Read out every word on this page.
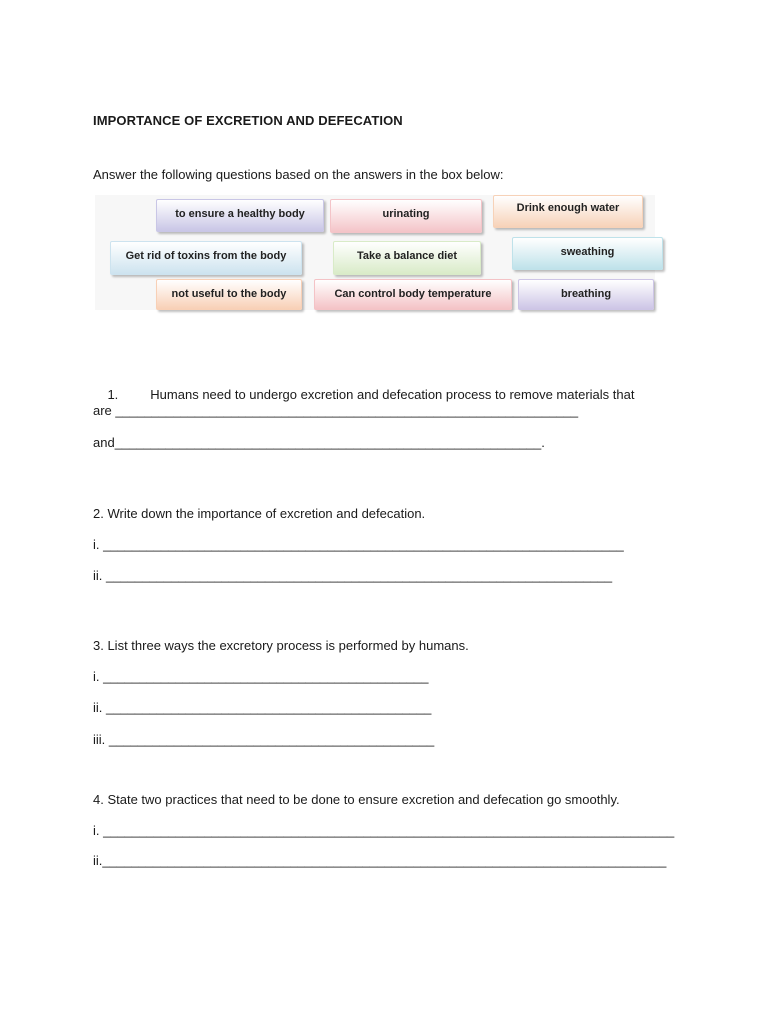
IMPORTANCE OF EXCRETION AND DEFECATION
Answer the following questions based on the answers in the box below:
to ensure a healthy body	urinating	Drink enough water
Get rid of toxins from the body	Take a balance diet	sweathing
not useful to the body	Can control body temperature	breathing

1. Humans need to undergo excretion and defecation process to remove materials that

are ________________________________________________________________
and___________________________________________________________.
2. Write down the importance of excretion and defecation.
i. ________________________________________________________________________
ii. ______________________________________________________________________
3. List three ways the excretory process is performed by humans.
i. _____________________________________________
ii. _____________________________________________
iii. _____________________________________________
4. State two practices that need to be done to ensure excretion and defecation go smoothly.
i. _______________________________________________________________________________
ii.______________________________________________________________________________
